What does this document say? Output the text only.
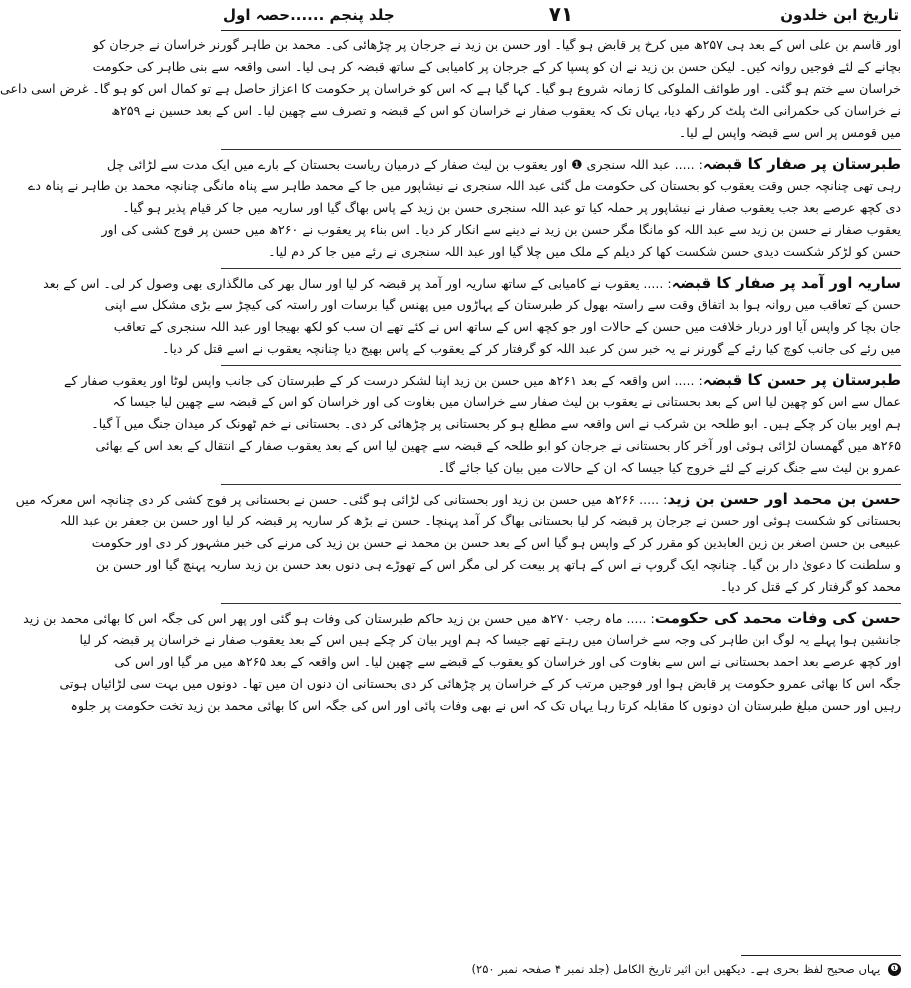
تاریخ ابن خلدون
۷۱
جلد پنجم ......حصہ اول
اور قاسم بن علی اس کے بعد ہی ۲۵۷ھ میں کرخ پر قابض ہو گیا۔ اور حسن بن زید نے جرجان پر چڑھائی کی۔ محمد بن طاہر گورنر خراسان نے جرجان کو
بچانے کے لئے فوجیں روانہ کیں۔ لیکن حسن بن زید نے ان کو پسپا کر کے جرجان پر کامیابی کے ساتھ قبضہ کر ہی لیا۔ اسی واقعہ سے بنی طاہر کی حکومت
خراسان سے ختم ہو گئی۔ اور طوائف الملوکی کا زمانہ شروع ہو گیا۔ کہا گیا ہے کہ اس کو خراسان پر حکومت کا اعزاز حاصل ہے تو کمال اس کو ہو گا۔ غرض اسی داعی
نے خراسان کی حکمرانی الٹ پلٹ کر رکھ دیا، یہاں تک کہ یعقوب صفار نے خراسان کو اس کے قبضہ و تصرف سے چھین لیا۔ اس کے بعد حسین نے ۲۵۹ھ
میں قومس پر اس سے قبضہ واپس لے لیا۔
طبرستان پر صفار کا قبضہ: ..... عبد اللہ سنجری ❶ اور یعقوب بن لیث صفار کے درمیان ریاست بحستان کے بارے میں ایک مدت سے لڑائی چل
رہی تھی چنانچہ جس وقت یعقوب کو بحستان کی حکومت مل گئی عبد اللہ سنجری نے نیشاپور میں جا کے محمد طاہر سے پناہ مانگی چنانچہ محمد بن طاہر نے پناہ دے
دی کچھ عرصے بعد جب یعقوب صفار نے نیشاپور پر حملہ کیا تو عبد اللہ سنجری حسن بن زید کے پاس بھاگ گیا اور ساریہ میں جا کر قیام پذیر ہو گیا۔
یعقوب صفار نے حسن بن زید سے عبد اللہ کو مانگا مگر حسن بن زید نے دینے سے انکار کر دیا۔ اس بناء پر یعقوب نے ۲۶۰ھ میں حسن پر فوج کشی کی اور
حسن کو لڑکر شکست دیدی حسن شکست کھا کر دیلم کے ملک میں چلا گیا اور عبد اللہ سنجری نے رئے میں جا کر دم لیا۔
ساریہ اور آمد پر صفار کا قبضہ: ..... یعقوب نے کامیابی کے ساتھ ساریہ اور آمد پر قبضہ کر لیا اور سال بھر کی مالگذاری بھی وصول کر لی۔ اس کے بعد
حسن کے تعاقب میں روانہ ہوا بد اتفاق وقت سے راستہ بھول کر طبرستان کے پہاڑوں میں پھنس گیا برسات اور راستہ کی کیچڑ سے بڑی مشکل سے اپنی
جان بچا کر واپس آیا اور دربار خلافت میں حسن کے حالات اور جو کچھ اس کے ساتھ اس نے کئے تھے ان سب کو لکھ بھیجا اور عبد اللہ سنجری کے تعاقب
میں رئے کی جانب کوچ کیا رئے کے گورنر نے یہ خبر سن کر عبد اللہ کو گرفتار کر کے یعقوب کے پاس بھیج دیا چنانچہ یعقوب نے اسے قتل کر دیا۔
طبرستان پر حسن کا قبضہ: ..... اس واقعہ کے بعد ۲۶۱ھ میں حسن بن زید اپنا لشکر درست کر کے طبرستان کی جانب واپس لوٹا اور یعقوب صفار کے
عمال سے اس کو چھین لیا اس کے بعد بحستانی نے یعقوب بن لیث صفار سے خراسان میں بغاوت کی اور خراسان کو اس کے قبضہ سے چھین لیا جیسا کہ
ہم اوپر بیان کر چکے ہیں۔ ابو طلحہ بن شرکب نے اس واقعہ سے مطلع ہو کر بحستانی پر چڑھائی کر دی۔ بحستانی نے خم ٹھونک کر میدان جنگ میں آ گیا۔
۲۶۵ھ میں گھمسان لڑائی ہوئی اور آخر کار بحستانی نے جرجان کو ابو طلحہ کے قبضہ سے چھین لیا اس کے بعد یعقوب صفار کے انتقال کے بعد اس کے بھائی
عمرو بن لیث سے جنگ کرنے کے لئے خروج کیا جیسا کہ ان کے حالات میں بیان کیا جائے گا۔
حسن بن محمد اور حسن بن زید: ..... ۲۶۶ھ میں حسن بن زید اور بحستانی کی لڑائی ہو گئی۔ حسن نے بحستانی پر فوج کشی کر دی چنانچہ اس معرکہ میں
بحستانی کو شکست ہوئی اور حسن نے جرجان پر قبضہ کر لیا بحستانی بھاگ کر آمد پہنچا۔ حسن نے بڑھ کر ساریہ پر قبضہ کر لیا اور حسن بن جعفر بن عبد اللہ
عبیعی بن حسن اصغر بن زین العابدین کو مقرر کر کے واپس ہو گیا اس کے بعد حسن بن محمد نے حسن بن زید کی مرنے کی خبر مشہور کر دی اور حکومت
و سلطنت کا دعویٰ دار بن گیا۔ چنانچہ ایک گروپ نے اس کے ہاتھ پر بیعت کر لی مگر اس کے تھوڑے ہی دنوں بعد حسن بن زید ساریہ پہنچ گیا اور حسن بن
محمد کو گرفتار کر کے قتل کر دیا۔
حسن کی وفات محمد کی حکومت: ..... ماہ رجب ۲۷۰ھ میں حسن بن زید حاکم طبرستان کی وفات ہو گئی اور پھر اس کی جگہ اس کا بھائی محمد بن زید
جانشین ہوا پہلے یہ لوگ ابن طاہر کی وجہ سے خراسان میں رہتے تھے جیسا کہ ہم اوپر بیان کر چکے ہیں اس کے بعد یعقوب صفار نے خراسان پر قبضہ کر لیا
اور کچھ عرصے بعد احمد بحستانی نے اس سے بغاوت کی اور خراسان کو یعقوب کے قبضے سے چھین لیا۔ اس واقعہ کے بعد ۲۶۵ھ میں مر گیا اور اس کی
جگہ اس کا بھائی عمرو حکومت پر قابض ہوا اور فوجیں مرتب کر کے خراسان پر چڑھائی کر دی بحستانی ان دنوں ان میں تھا۔ دونوں میں بہت سی لڑائیاں ہوتی
رہیں اور حسن مبلغ طبرستان ان دونوں کا مقابلہ کرتا رہا یہاں تک کہ اس نے بھی وفات پائی اور اس کی جگہ اس کا بھائی محمد بن زید تخت حکومت پر جلوہ
❶ یہاں صحیح لفظ بحری ہے۔ دیکھیں ابن اثیر تاریخ الکامل (جلد نمبر ۴ صفحہ نمبر ۲۵۰)
